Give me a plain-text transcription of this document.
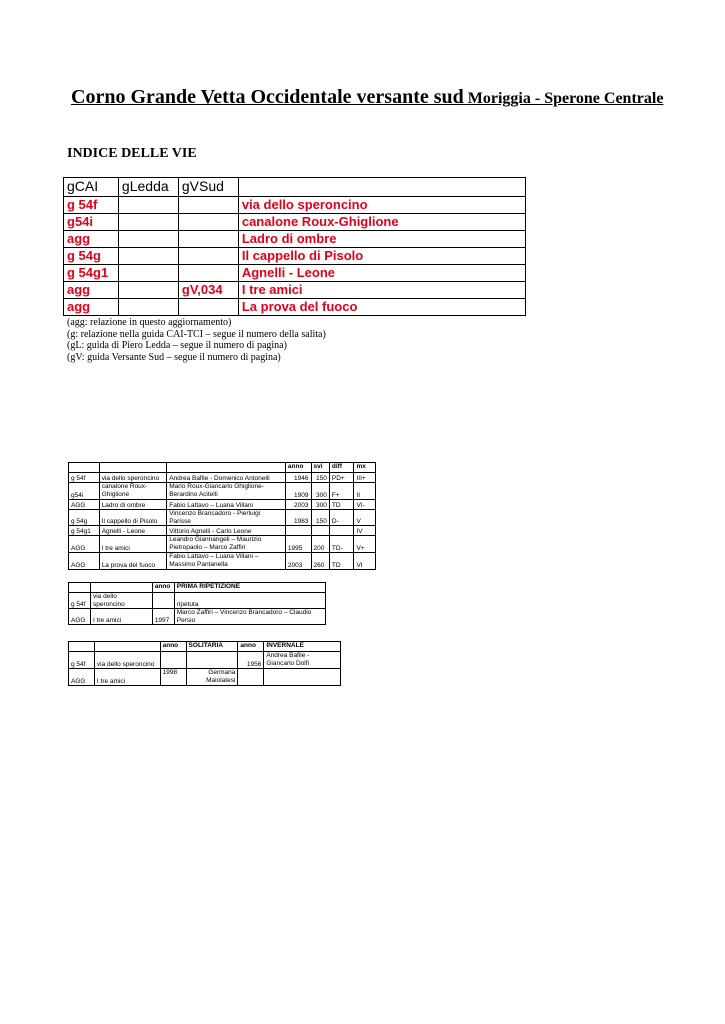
Corno Grande Vetta Occidentale versante sud Moriggia - Sperone Centrale
INDICE DELLE VIE
gCAI	gLedda	gVSud	
g 54f			via dello speroncino
g54i			canalone Roux-Ghiglione
agg			Ladro di ombre
g 54g			Il cappello di Pisolo
g 54g1			Agnelli - Leone
agg		gV,034	I tre amici
agg			La prova del fuoco
(agg: relazione in questo aggiornamento)
(g: relazione nella guida CAI-TCI – segue il numero della salita)
(gL: guida di Piero Ledda – segue il numero di pagina)
(gV: guida Versante Sud – segue il numero di pagina)
			anno	svi	diff	mx
g 54f	via dello speroncino	Andrea Bafile - Domenico Antonelli	1946	150	PD+	III+
g54i	canalone Roux-Ghiglione	Mario Roux-Giancarlo Ghiglione-Berardino Acitelli	1909	300	F+	II
AGG	Ladro di ombre	Fabio Lattavo – Luana Villani	2003	300	TD	VI-
g 54g	Il cappello di Pisolo	Vincenzo Brancadoro - Pierluigi Parisse	1983	150	D-	V
g 54g1	Agnelli - Leone	Vittorio Agnelli - Carlo Leone				IV
AGG	I tre amici	Leandro Giannangeli – Maurizio Pietropaolo – Marco Zaffiri	1995	200	TD-	V+
AGG	La prova del fuoco	Fabio Lattavo – Luana Villani – Massimo Pantanella	2003	260	TD	VI
		anno	PRIMA RIPETIZIONE
g 54f	via dello speroncino		ripetuta
AGG	I tre amici	1997	Marco Zaffiri – Vincenzo Brancadoro – Claudio Persio
		anno	SOLITARIA	anno	INVERNALE
g 54f	via dello speroncino			1956	Andrea Bafile - Giancarlo Dolfi
AGG	I tre amici	1998	Germana Maiolatesi		
